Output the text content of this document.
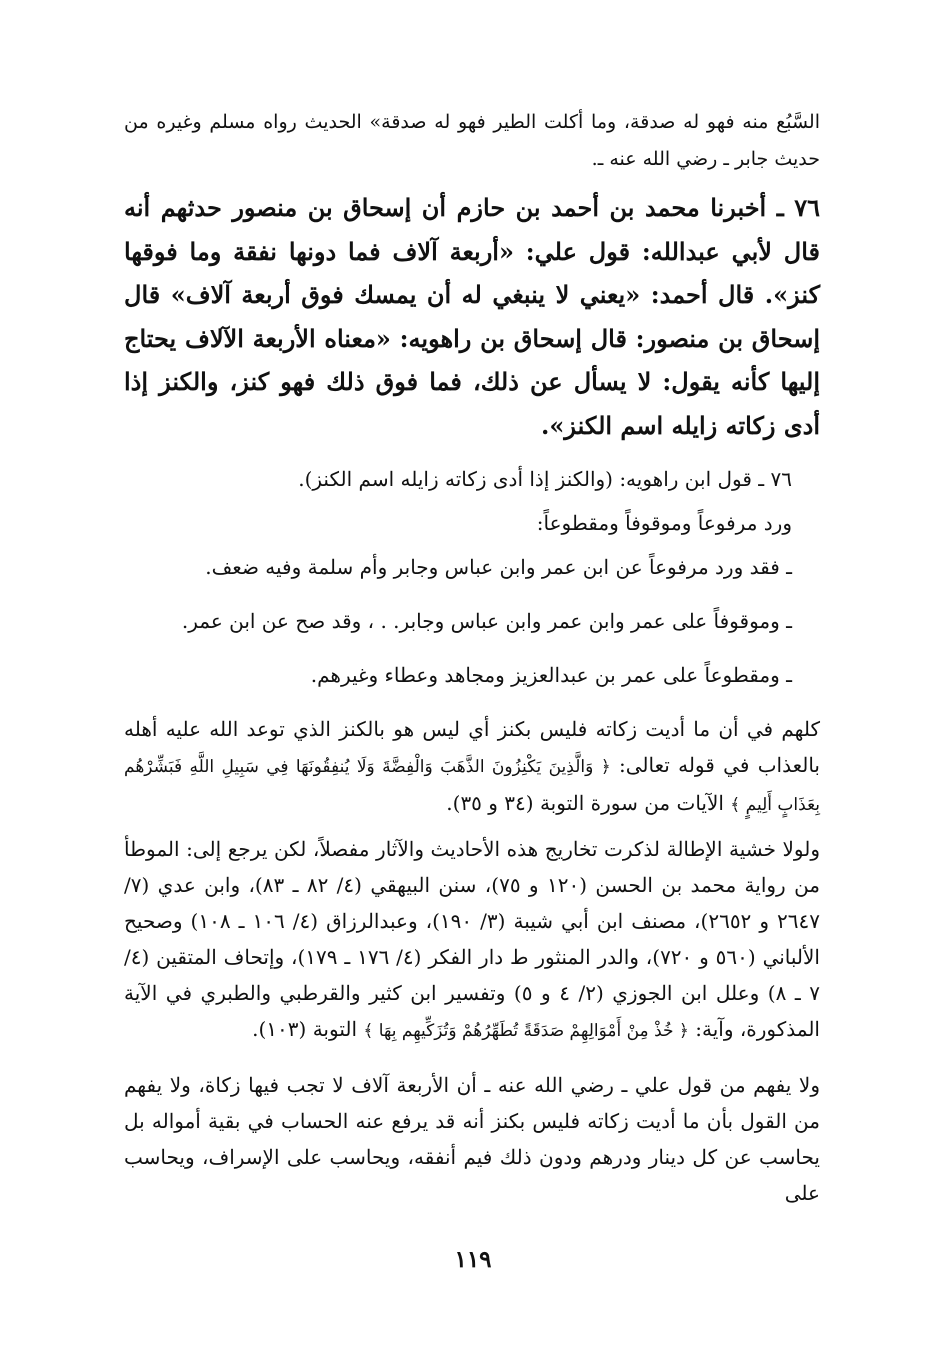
السَّبُع منه فهو له صدقة، وما أكلت الطير فهو له صدقة» الحديث رواه مسلم وغيره من حديث جابر ـ رضي الله عنه ـ.

٧٦ ـ أخبرنا محمد بن أحمد بن حازم أن إسحاق بن منصور حدثهم أنه قال لأبي عبدالله: قول علي: «أربعة آلاف فما دونها نفقة وما فوقها كنز». قال أحمد: «يعني لا ينبغي له أن يمسك فوق أربعة آلاف» قال إسحاق بن منصور: قال إسحاق بن راهويه: «معناه الأربعة الآلاف يحتاج إليها كأنه يقول: لا يسأل عن ذلك، فما فوق ذلك فهو كنز، والكنز إذا أدى زكاته زايله اسم الكنز».

٧٦ ـ قول ابن راهويه: (والكنز إذا أدى زكاته زايله اسم الكنز).

ورد مرفوعاً وموقوفاً ومقطوعاً:

ـ فقد ورد مرفوعاً عن ابن عمر وابن عباس وجابر وأم سلمة وفيه ضعف.

ـ وموقوفاً على عمر وابن عمر وابن عباس وجابر. . ، وقد صح عن ابن عمر.

ـ ومقطوعاً على عمر بن عبدالعزيز ومجاهد وعطاء وغيرهم.

كلهم في أن ما أديت زكاته فليس بكنز أي ليس هو بالكنز الذي توعد الله عليه أهله بالعذاب في قوله تعالى: ﴿ وَالَّذِينَ يَكْنِزُونَ الذَّهَبَ وَالْفِضَّةَ وَلَا يُنفِقُونَهَا فِي سَبِيلِ اللَّهِ فَبَشِّرْهُم بِعَذَابٍ أَلِيمٍ ﴾ الآيات من سورة التوبة (٣٤ و ٣٥).

ولولا خشية الإطالة لذكرت تخاريج هذه الأحاديث والآثار مفصلاً، لكن يرجع إلى: الموطأ من رواية محمد بن الحسن (١٢٠ و ٧٥)، سنن البيهقي (٤/ ٨٢ ـ ٨٣)، وابن عدي (٧/ ٢٦٤٧ و ٢٦٥٢)، مصنف ابن أبي شيبة (٣/ ١٩٠)، وعبدالرزاق (٤/ ١٠٦ ـ ١٠٨) وصحيح الألباني (٥٦٠ و ٧٢٠)، والدر المنثور ط دار الفكر (٤/ ١٧٦ ـ ١٧٩)، وإتحاف المتقين (٤/ ٧ ـ ٨) وعلل ابن الجوزي (٢/ ٤ و ٥) وتفسير ابن كثير والقرطبي والطبري في الآية المذكورة، وآية: ﴿ خُذْ مِنْ أَمْوَالِهِمْ صَدَقَةً تُطَهِّرُهُمْ وَتُزَكِّيهِم بِهَا ﴾ التوبة (١٠٣).

ولا يفهم من قول علي ـ رضي الله عنه ـ أن الأربعة آلاف لا تجب فيها زكاة، ولا يفهم من القول بأن ما أديت زكاته فليس بكنز أنه قد يرفع عنه الحساب في بقية أمواله بل يحاسب عن كل دينار ودرهم ودون ذلك فيم أنفقه، ويحاسب على الإسراف، ويحاسب على

١١٩
